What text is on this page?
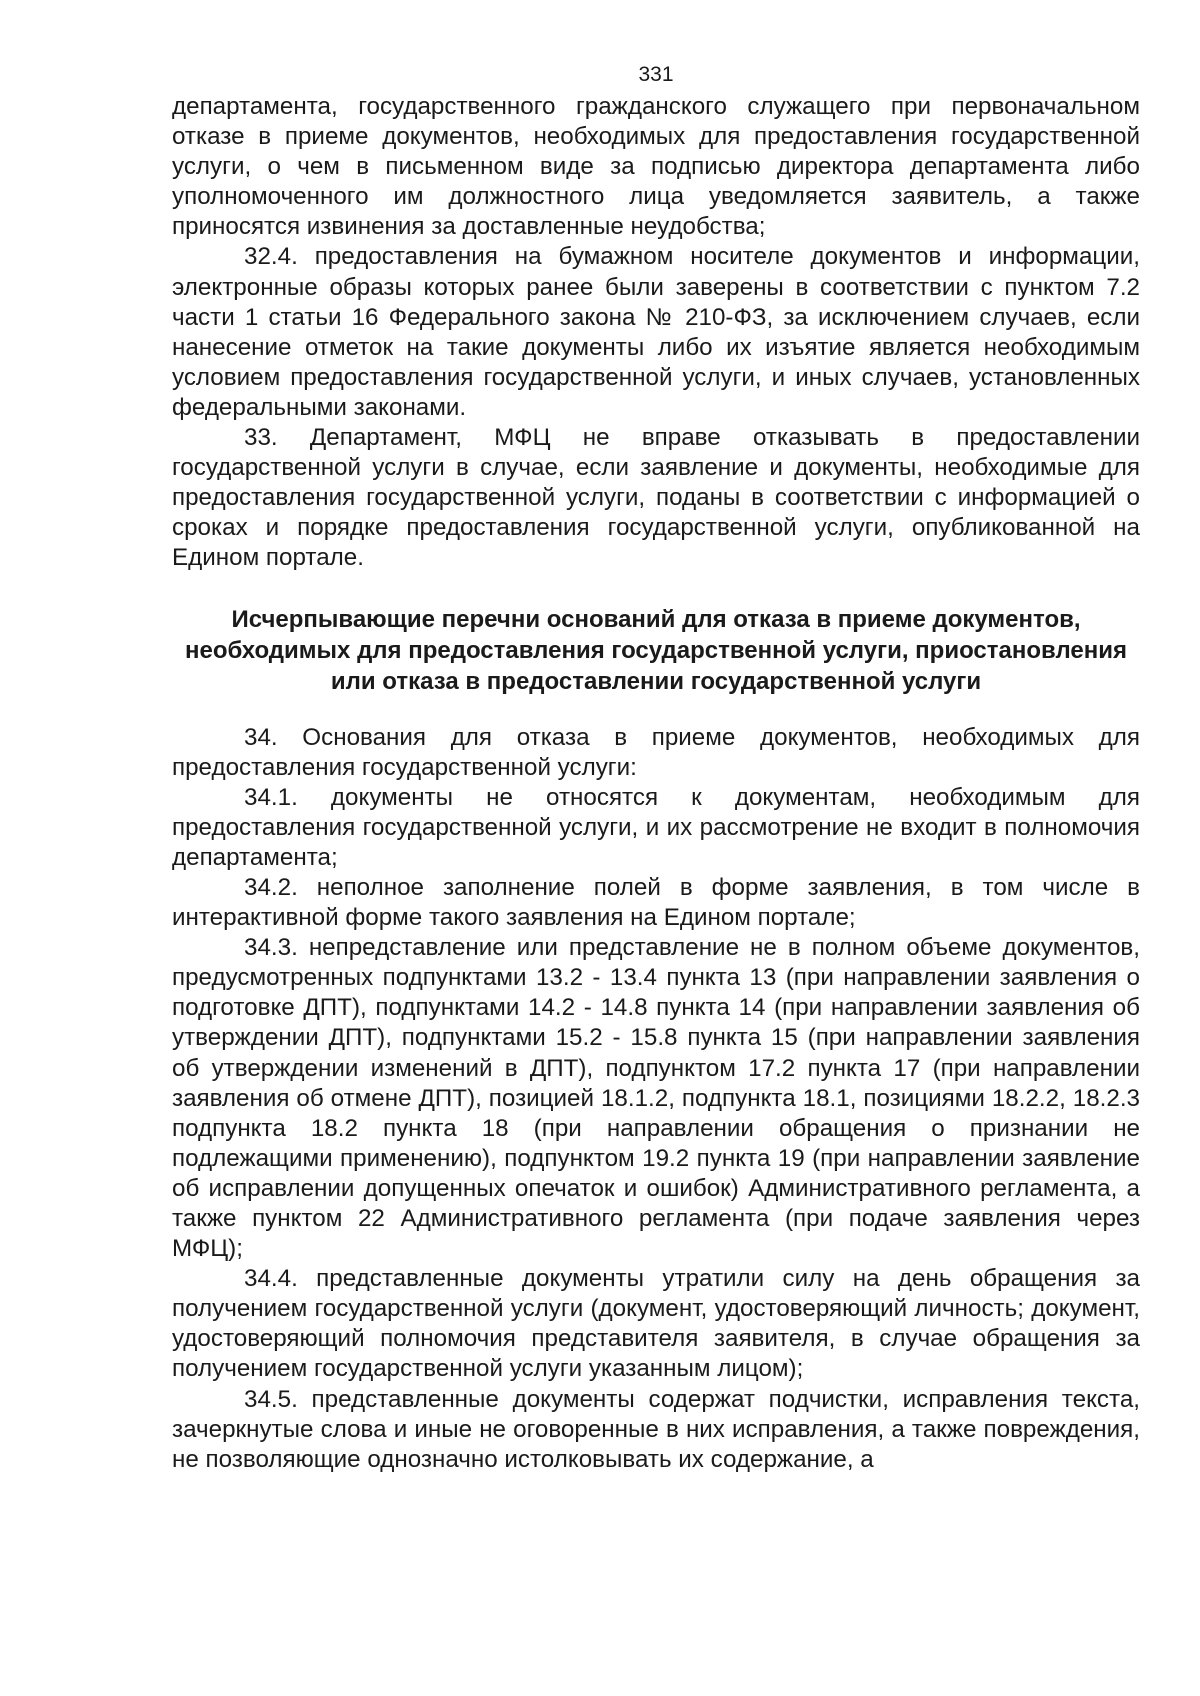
331

департамента, государственного гражданского служащего при первоначальном отказе в приеме документов, необходимых для предоставления государственной услуги, о чем в письменном виде за подписью директора департамента либо уполномоченного им должностного лица уведомляется заявитель, а также приносятся извинения за доставленные неудобства;

32.4. предоставления на бумажном носителе документов и информации, электронные образы которых ранее были заверены в соответствии с пунктом 7.2 части 1 статьи 16 Федерального закона № 210-ФЗ, за исключением случаев, если нанесение отметок на такие документы либо их изъятие является необходимым условием предоставления государственной услуги, и иных случаев, установленных федеральными законами.

33. Департамент, МФЦ не вправе отказывать в предоставлении государственной услуги в случае, если заявление и документы, необходимые для предоставления государственной услуги, поданы в соответствии с информацией о сроках и порядке предоставления государственной услуги, опубликованной на Едином портале.

Исчерпывающие перечни оснований для отказа в приеме документов, необходимых для предоставления государственной услуги, приостановления или отказа в предоставлении государственной услуги

34. Основания для отказа в приеме документов, необходимых для предоставления государственной услуги:

34.1. документы не относятся к документам, необходимым для предоставления государственной услуги, и их рассмотрение не входит в полномочия департамента;

34.2. неполное заполнение полей в форме заявления, в том числе в интерактивной форме такого заявления на Едином портале;

34.3. непредставление или представление не в полном объеме документов, предусмотренных подпунктами 13.2 - 13.4 пункта 13 (при направлении заявления о подготовке ДПТ), подпунктами 14.2 - 14.8 пункта 14 (при направлении заявления об утверждении ДПТ), подпунктами 15.2 - 15.8 пункта 15 (при направлении заявления об утверждении изменений в ДПТ), подпунктом 17.2 пункта 17 (при направлении заявления об отмене ДПТ), позицией 18.1.2, подпункта 18.1, позициями 18.2.2, 18.2.3 подпункта 18.2 пункта 18 (при направлении обращения о признании не подлежащими применению), подпунктом 19.2 пункта 19 (при направлении заявление об исправлении допущенных опечаток и ошибок) Административного регламента, а также пунктом 22 Административного регламента (при подаче заявления через МФЦ);

34.4. представленные документы утратили силу на день обращения за получением государственной услуги (документ, удостоверяющий личность; документ, удостоверяющий полномочия представителя заявителя, в случае обращения за получением государственной услуги указанным лицом);

34.5. представленные документы содержат подчистки, исправления текста, зачеркнутые слова и иные не оговоренные в них исправления, а также повреждения, не позволяющие однозначно истолковывать их содержание, а
